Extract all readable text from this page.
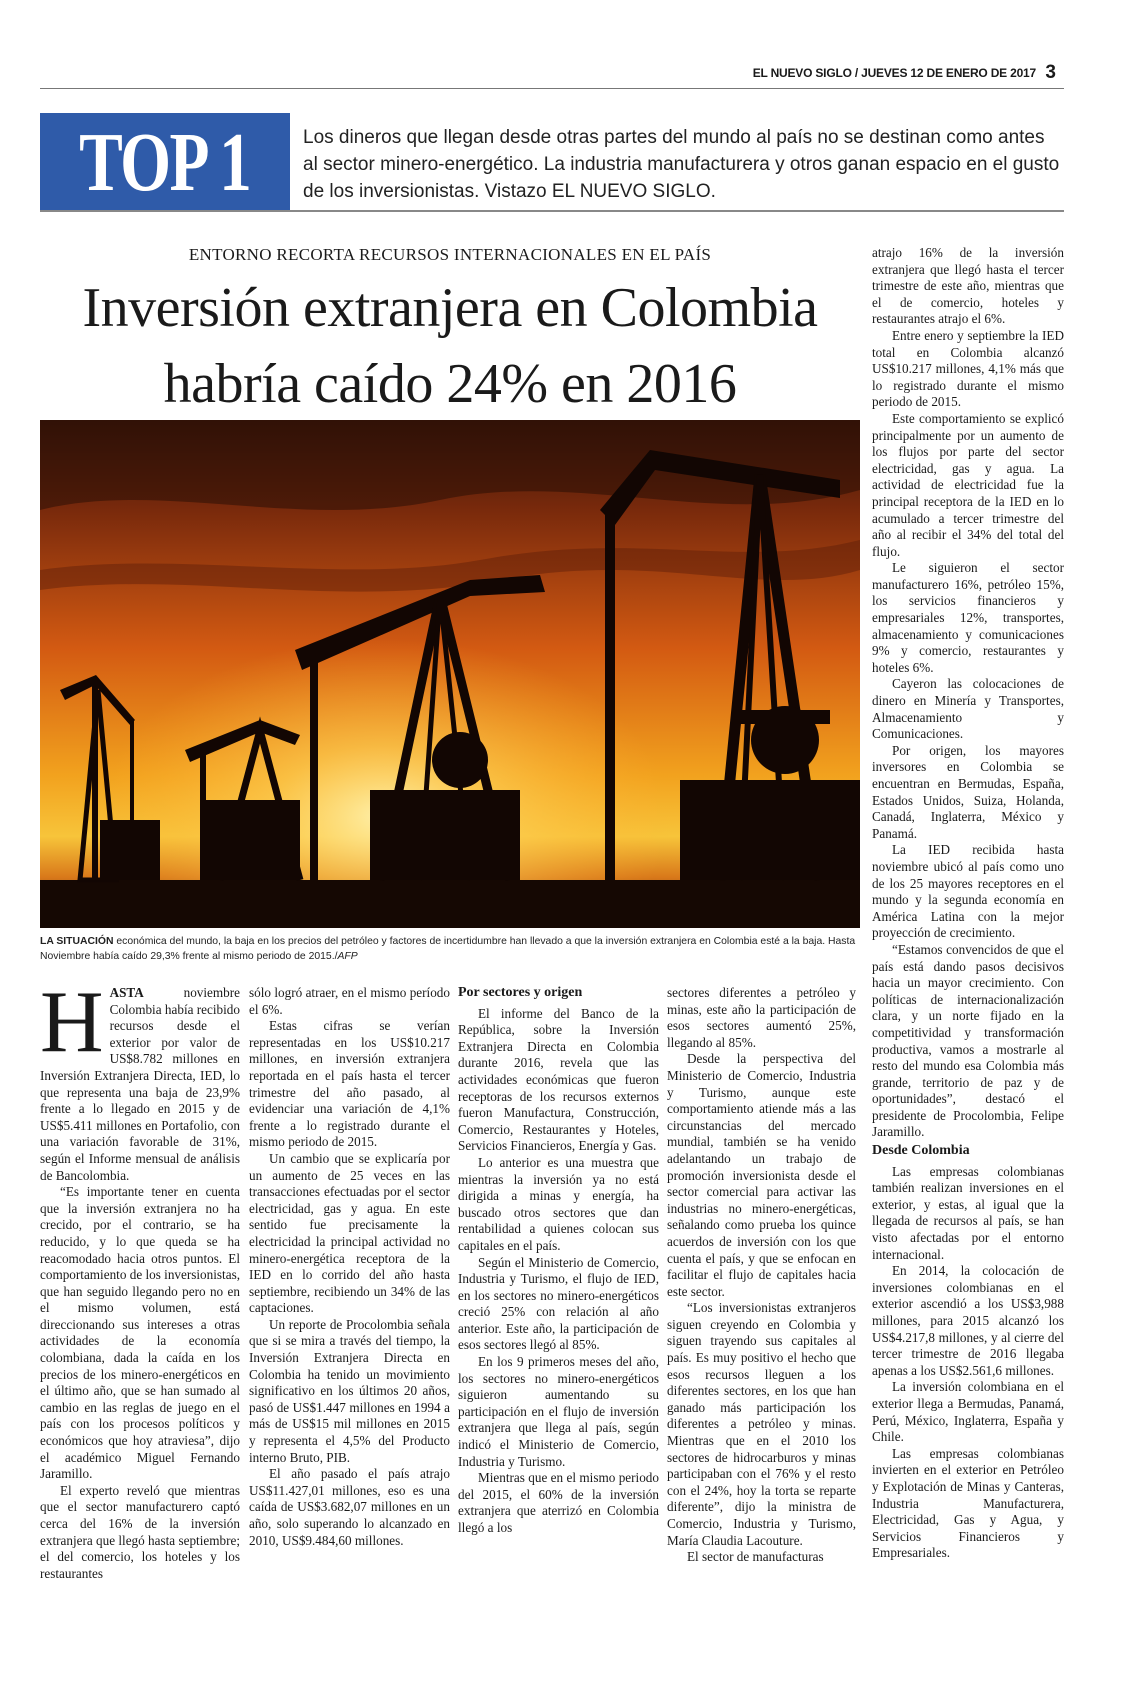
EL NUEVO SIGLO / JUEVES 12 DE ENERO DE 2017 3
TOP 1	Los dineros que llegan desde otras partes del mundo al país no se destinan como antes al sector minero-energético. La industria manufacturera y otros ganan espacio en el gusto de los inversionistas. Vistazo EL NUEVO SIGLO.
ENTORNO RECORTA RECURSOS INTERNACIONALES EN EL PAÍS
Inversión extranjera en Colombia
habría caído 24% en 2016
LA SITUACIÓN económica del mundo, la baja en los precios del petróleo y factores de incertidumbre han llevado a que la inversión extranjera en Colombia esté a la baja. Hasta Noviembre había caído 29,3% frente al mismo periodo de 2015./AFP

HASTA noviembre Colombia había recibido recursos desde el exterior por valor de US$8.782 millones en Inversión Extranjera Directa, IED, lo que representa una baja de 23,9% frente a lo llegado en 2015 y de US$5.411 millones en Portafolio, con una variación favorable de 31%, según el Informe mensual de análisis de Bancolombia.

“Es importante tener en cuenta que la inversión extranjera no ha crecido, por el contrario, se ha reducido, y lo que queda se ha reacomodado hacia otros puntos. El comportamiento de los inversionistas, que han seguido llegando pero no en el mismo volumen, está direccionando sus intereses a otras actividades de la economía colombiana, dada la caída en los precios de los minero-energéticos en el último año, que se han sumado al cambio en las reglas de juego en el país con los procesos políticos y económicos que hoy atraviesa”, dijo el académico Miguel Fernando Jaramillo.

El experto reveló que mientras que el sector manufacturero captó cerca del 16% de la inversión extranjera que llegó hasta septiembre; el del comercio, los hoteles y los restaurantes

sólo logró atraer, en el mismo período el 6%.

Estas cifras se verían representadas en los US$10.217 millones, en inversión extranjera reportada en el país hasta el tercer trimestre del año pasado, al evidenciar una variación de 4,1% frente a lo registrado durante el mismo periodo de 2015.

Un cambio que se explicaría por un aumento de 25 veces en las transacciones efectuadas por el sector electricidad, gas y agua. En este sentido fue precisamente la electricidad la principal actividad no minero-energética receptora de la IED en lo corrido del año hasta septiembre, recibiendo un 34% de las captaciones.

Un reporte de Procolombia señala que si se mira a través del tiempo, la Inversión Extranjera Directa en Colombia ha tenido un movimiento significativo en los últimos 20 años, pasó de US$1.447 millones en 1994 a más de US$15 mil millones en 2015 y representa el 4,5% del Producto interno Bruto, PIB.

El año pasado el país atrajo US$11.427,01 millones, eso es una caída de US$3.682,07 millones en un año, solo superando lo alcanzado en 2010, US$9.484,60 millones.

Por sectores y origen

El informe del Banco de la República, sobre la Inversión Extranjera Directa en Colombia durante 2016, revela que las actividades económicas que fueron receptoras de los recursos externos fueron Manufactura, Construcción, Comercio, Restaurantes y Hoteles, Servicios Financieros, Energía y Gas.

Lo anterior es una muestra que mientras la inversión ya no está dirigida a minas y energía, ha buscado otros sectores que dan rentabilidad a quienes colocan sus capitales en el país.

Según el Ministerio de Comercio, Industria y Turismo, el flujo de IED, en los sectores no minero-energéticos creció 25% con relación al año anterior. Este año, la participación de esos sectores llegó al 85%.

En los 9 primeros meses del año, los sectores no minero-energéticos siguieron aumentando su participación en el flujo de inversión extranjera que llega al país, según indicó el Ministerio de Comercio, Industria y Turismo.

Mientras que en el mismo periodo del 2015, el 60% de la inversión extranjera que aterrizó en Colombia llegó a los

sectores diferentes a petróleo y minas, este año la participación de esos sectores aumentó 25%, llegando al 85%.

Desde la perspectiva del Ministerio de Comercio, Industria y Turismo, aunque este comportamiento atiende más a las circunstancias del mercado mundial, también se ha venido adelantando un trabajo de promoción inversionista desde el sector comercial para activar las industrias no minero-energéticas, señalando como prueba los quince acuerdos de inversión con los que cuenta el país, y que se enfocan en facilitar el flujo de capitales hacia este sector.

“Los inversionistas extranjeros siguen creyendo en Colombia y siguen trayendo sus capitales al país. Es muy positivo el hecho que esos recursos lleguen a los diferentes sectores, en los que han ganado más participación los diferentes a petróleo y minas. Mientras que en el 2010 los sectores de hidrocarburos y minas participaban con el 76% y el resto con el 24%, hoy la torta se reparte diferente”, dijo la ministra de Comercio, Industria y Turismo, María Claudia Lacouture.

El sector de manufacturas

atrajo 16% de la inversión extranjera que llegó hasta el tercer trimestre de este año, mientras que el de comercio, hoteles y restaurantes atrajo el 6%.

Entre enero y septiembre la IED total en Colombia alcanzó US$10.217 millones, 4,1% más que lo registrado durante el mismo periodo de 2015.

Este comportamiento se explicó principalmente por un aumento de los flujos por parte del sector electricidad, gas y agua. La actividad de electricidad fue la principal receptora de la IED en lo acumulado a tercer trimestre del año al recibir el 34% del total del flujo.

Le siguieron el sector manufacturero 16%, petróleo 15%, los servicios financieros y empresariales 12%, transportes, almacenamiento y comunicaciones 9% y comercio, restaurantes y hoteles 6%.

Cayeron las colocaciones de dinero en Minería y Transportes, Almacenamiento y Comunicaciones.

Por origen, los mayores inversores en Colombia se encuentran en Bermudas, España, Estados Unidos, Suiza, Holanda, Canadá, Inglaterra, México y Panamá.

La IED recibida hasta noviembre ubicó al país como uno de los 25 mayores receptores en el mundo y la segunda economía en América Latina con la mejor proyección de crecimiento.

“Estamos convencidos de que el país está dando pasos decisivos hacia un mayor crecimiento. Con políticas de internacionalización clara, y un norte fijado en la competitividad y transformación productiva, vamos a mostrarle al resto del mundo esa Colombia más grande, territorio de paz y de oportunidades”, destacó el presidente de Procolombia, Felipe Jaramillo.

Desde Colombia

Las empresas colombianas también realizan inversiones en el exterior, y estas, al igual que la llegada de recursos al país, se han visto afectadas por el entorno internacional.

En 2014, la colocación de inversiones colombianas en el exterior ascendió a los US$3,988 millones, para 2015 alcanzó los US$4.217,8 millones, y al cierre del tercer trimestre de 2016 llegaba apenas a los US$2.561,6 millones.

La inversión colombiana en el exterior llega a Bermudas, Panamá, Perú, México, Inglaterra, España y Chile.

Las empresas colombianas invierten en el exterior en Petróleo y Explotación de Minas y Canteras, Industria Manufacturera, Electricidad, Gas y Agua, y Servicios Financieros y Empresariales.
